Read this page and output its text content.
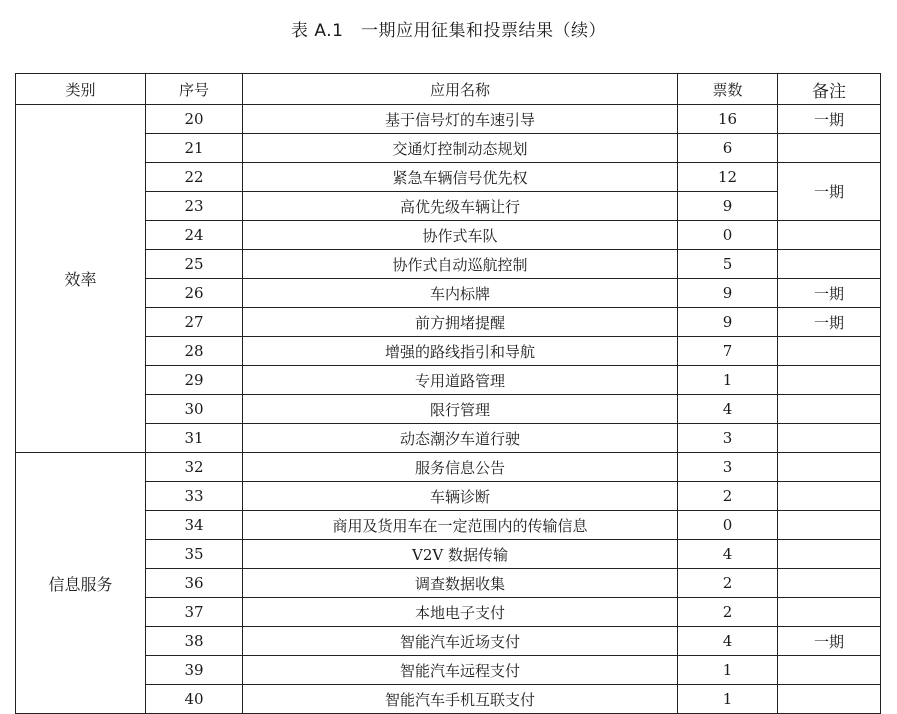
表 A.1　一期应用征集和投票结果（续）
类别	序号	应用名称	票数	备注
效率	20	基于信号灯的车速引导	16	一期
	21	交通灯控制动态规划	6	
	22	紧急车辆信号优先权	12	一期
	23	高优先级车辆让行	9	
	24	协作式车队	0	
	25	协作式自动巡航控制	5	
	26	车内标牌	9	一期
	27	前方拥堵提醒	9	一期
	28	增强的路线指引和导航	7	
	29	专用道路管理	1	
	30	限行管理	4	
	31	动态潮汐车道行驶	3	
信息服务	32	服务信息公告	3	
	33	车辆诊断	2	
	34	商用及货用车在一定范围内的传输信息	0	
	35	V2V 数据传输	4	
	36	调查数据收集	2	
	37	本地电子支付	2	
	38	智能汽车近场支付	4	一期
	39	智能汽车远程支付	1	
	40	智能汽车手机互联支付	1	
